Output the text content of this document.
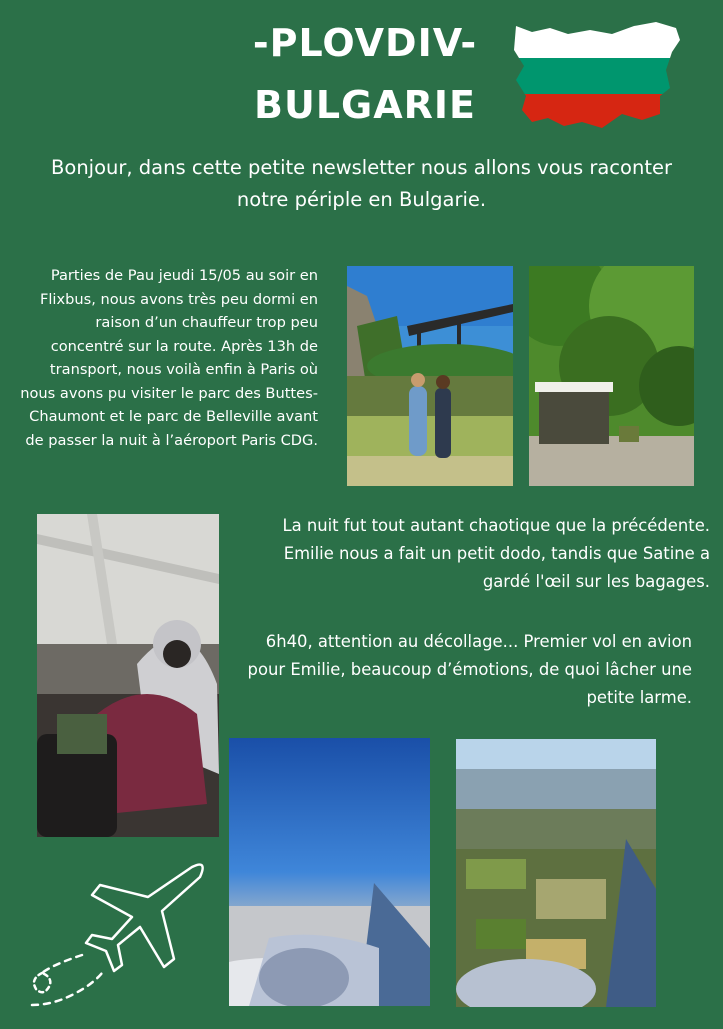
-PLOVDIV-
BULGARIE
Bonjour, dans cette petite newsletter nous allons vous raconter notre périple en Bulgarie.
Parties de Pau jeudi 15/05 au soir en Flixbus, nous avons très peu dormi en raison d’un chauffeur trop peu concentré sur la route. Après 13h de transport, nous voilà enfin à Paris où nous avons pu visiter le parc des Buttes-Chaumont et le parc de Belleville avant de passer la nuit à l’aéroport Paris CDG.
La nuit fut tout autant chaotique que la précédente. Emilie nous a fait un petit dodo, tandis que Satine a gardé l'œil sur les bagages.
6h40, attention au décollage... Premier vol en avion pour Emilie, beaucoup d’émotions, de quoi lâcher une petite larme.
